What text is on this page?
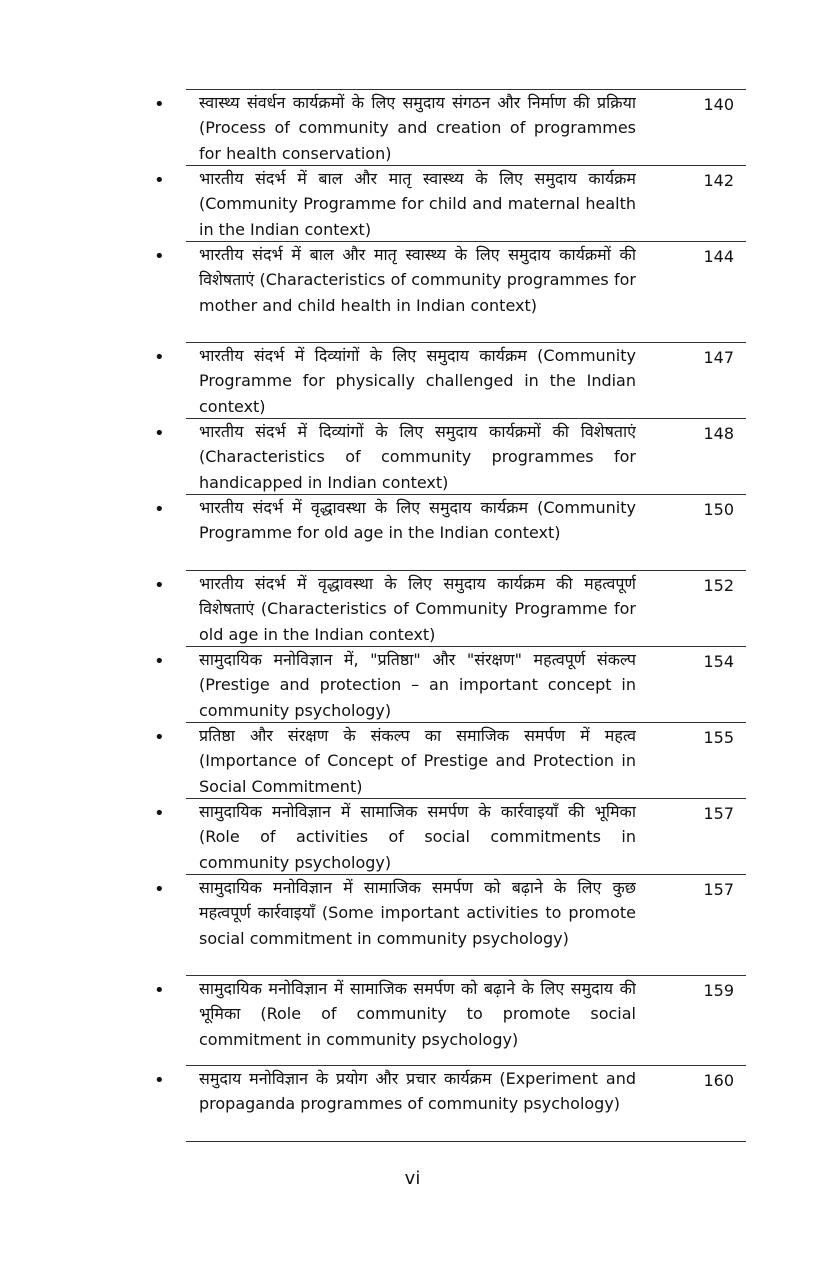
• स्वास्थ्य संवर्धन कार्यक्रमों के लिए समुदाय संगठन और निर्माण की प्रक्रिया (Process of community and creation of programmes for health conservation)
140
• भारतीय संदर्भ में बाल और मातृ स्वास्थ्य के लिए समुदाय कार्यक्रम (Community Programme for child and maternal health in the Indian context)
142
• भारतीय संदर्भ में बाल और मातृ स्वास्थ्य के लिए समुदाय कार्यक्रमों की विशेषताएं (Characteristics of community programmes for mother and child health in Indian context)
144
• भारतीय संदर्भ में दिव्यांगों के लिए समुदाय कार्यक्रम (Community Programme for physically challenged in the Indian context)
147
• भारतीय संदर्भ में दिव्यांगों के लिए समुदाय कार्यक्रमों की विशेषताएं (Characteristics of community programmes for handicapped in Indian context)
148
• भारतीय संदर्भ में वृद्धावस्था के लिए समुदाय कार्यक्रम (Community Programme for old age in the Indian context)
150
• भारतीय संदर्भ में वृद्धावस्था के लिए समुदाय कार्यक्रम की महत्वपूर्ण विशेषताएं (Characteristics of Community Programme for old age in the Indian context)
152
• सामुदायिक मनोविज्ञान में, "प्रतिष्ठा" और "संरक्षण" महत्वपूर्ण संकल्प (Prestige and protection – an important concept in community psychology)
154
• प्रतिष्ठा और संरक्षण के संकल्प का समाजिक समर्पण में महत्व (Importance of Concept of Prestige and Protection in Social Commitment)
155
• सामुदायिक मनोविज्ञान में सामाजिक समर्पण के कार्रवाइयाँ की भूमिका (Role of activities of social commitments in community psychology)
157
• सामुदायिक मनोविज्ञान में सामाजिक समर्पण को बढ़ाने के लिए कुछ महत्वपूर्ण कार्रवाइयाँ (Some important activities to promote social commitment in community psychology)
157
• सामुदायिक मनोविज्ञान में सामाजिक समर्पण को बढ़ाने के लिए समुदाय की भूमिका (Role of community to promote social commitment in community psychology)
159
• समुदाय मनोविज्ञान के प्रयोग और प्रचार कार्यक्रम (Experiment and propaganda programmes of community psychology)
160
vi
